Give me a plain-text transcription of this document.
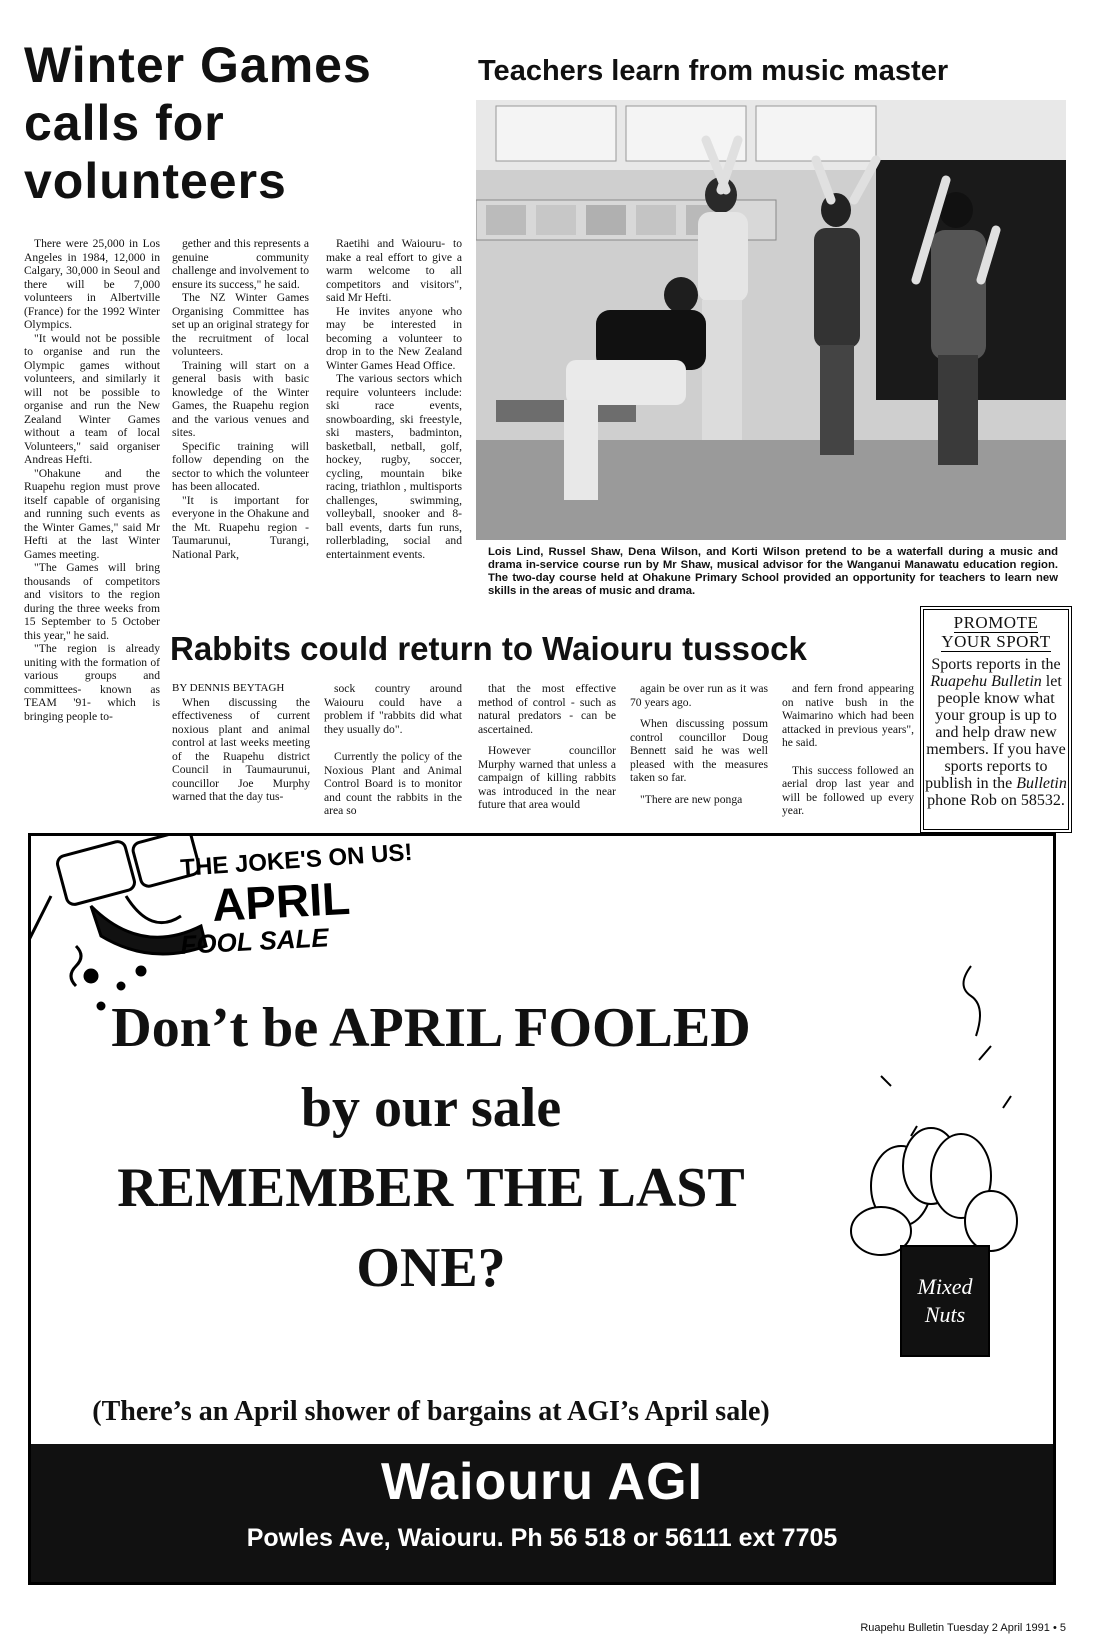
Winter Games
calls for
volunteers
Teachers learn from music master
Lois Lind, Russel Shaw, Dena Wilson, and Korti Wilson pretend to be a waterfall during a music and drama in-service course run by Mr Shaw, musical advisor for the Wanganui Manawatu education region. The two-day course held at Ohakune Primary School provided an opportunity for teachers to learn new skills in the areas of music and drama.

There were 25,000 in Los Angeles in 1984, 12,000 in Calgary, 30,000 in Seoul and there will be 7,000 volunteers in Albertville (France) for the 1992 Winter Olympics.

"It would not be possible to organise and run the Olympic games without volunteers, and similarly it will not be possible to organise and run the New Zealand Winter Games without a team of local Volunteers," said organiser Andreas Hefti.

"Ohakune and the Ruapehu region must prove itself capable of organising and running such events as the Winter Games," said Mr Hefti at the last Winter Games meeting.

"The Games will bring thousands of competitors and visitors to the region during the three weeks from 15 September to 5 October this year," he said.

"The region is already uniting with the formation of various groups and committees- known as TEAM '91- which is bringing people to-

gether and this represents a genuine community challenge and involvement to ensure its success," he said.

The NZ Winter Games Organising Committee has set up an original strategy for the recruitment of local volunteers.

Training will start on a general basis with basic knowledge of the Winter Games, the Ruapehu region and the various venues and sites.

Specific training will follow depending on the sector to which the volunteer has been allocated.

"It is important for everyone in the Ohakune and the Mt. Ruapehu region - Taumarunui, Turangi, National Park,

Raetihi and Waiouru- to make a real effort to give a warm welcome to all competitors and visitors", said Mr Hefti.

He invites anyone who may be interested in becoming a volunteer to drop in to the New Zealand Winter Games Head Office.

The various sectors which require volunteers include: ski race events, snowboarding, ski freestyle, ski masters, badminton, basketball, netball, golf, hockey, rugby, soccer, cycling, mountain bike racing, triathlon , multisports challenges, swimming, volleyball, snooker and 8-ball events, darts fun runs, rollerblading, social and entertainment events.

Rabbits could return to Waiouru tussock

BY DENNIS BEYTAGH

When discussing the effectiveness of current noxious plant and animal control at last weeks meeting of the Ruapehu district Council in Taumaurunui, councillor Joe Murphy warned that the day tus-

sock country around Waiouru could have a problem if "rabbits did what they usually do".

Currently the policy of the Noxious Plant and Animal Control Board is to monitor and count the rabbits in the area so

that the most effective method of control - such as natural predators - can be ascertained.

However councillor Murphy warned that unless a campaign of killing rabbits was introduced in the near future that area would

again be over run as it was 70 years ago.

When discussing possum control councillor Doug Bennett said he was well pleased with the measures taken so far.

"There are new ponga

and fern frond appearing on native bush in the Waimarino which had been attacked in previous years", he said.

This success followed an aerial drop last year and will be followed up every year.

PROMOTE
YOUR SPORT
Sports reports in the Ruapehu Bulletin let people know what your group is up to and help draw new members. If you have sports reports to publish in the Bulletin phone Rob on 58532.
THE JOKE'S ON US!
APRIL
FOOL SALE
Mixed
Nuts
Don’t be APRIL FOOLED
by our sale
REMEMBER THE LAST
ONE?
(There’s an April shower of bargains at AGI’s April sale)
Waiouru AGI
Powles Ave, Waiouru. Ph 56 518 or 56111 ext 7705
Ruapehu Bulletin Tuesday 2 April 1991 • 5
